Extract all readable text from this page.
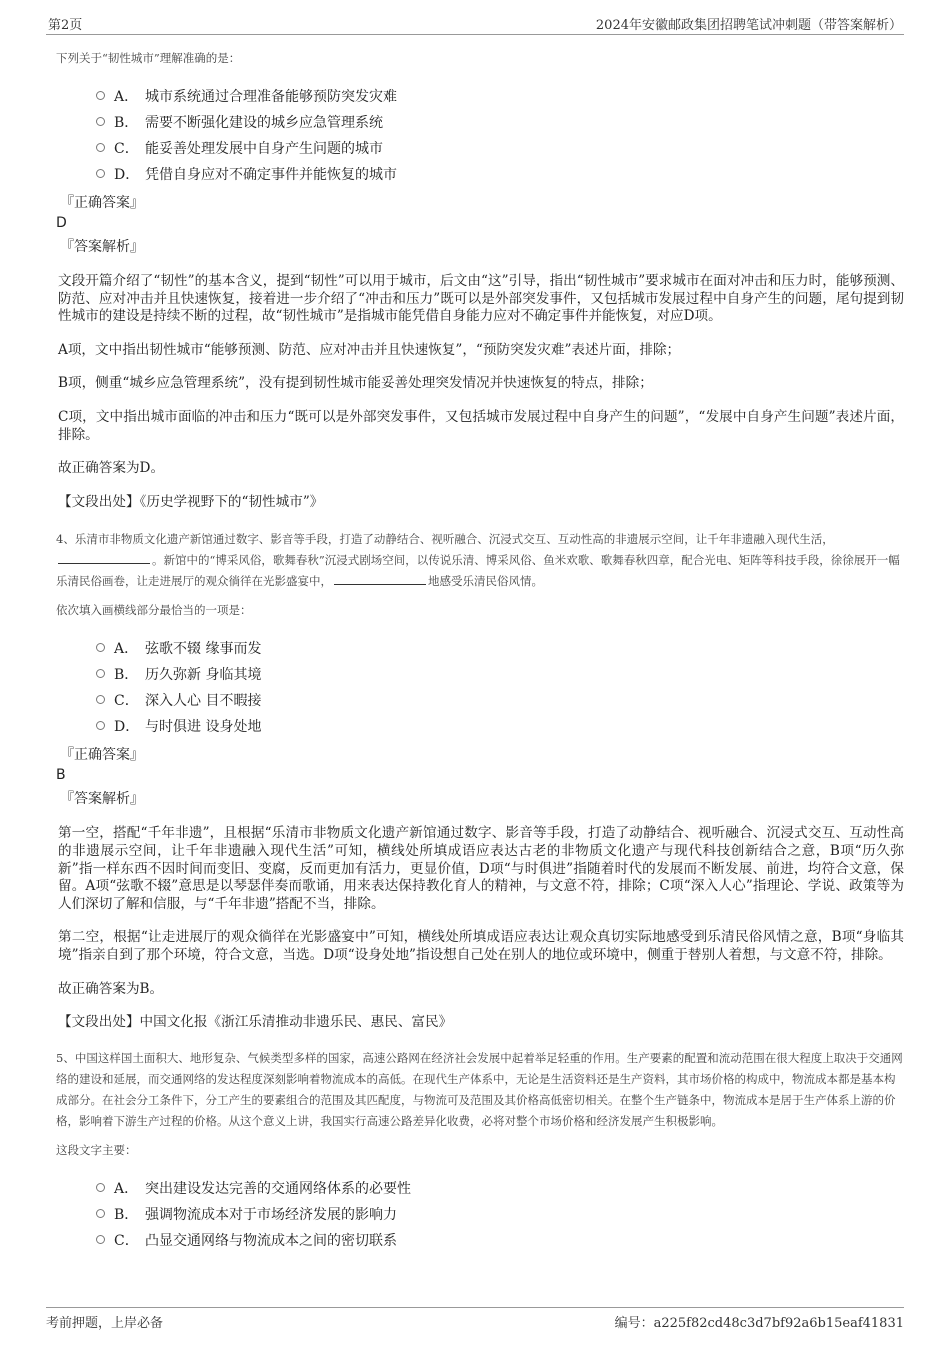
第2页	2024年安徽邮政集团招聘笔试冲刺题（带答案解析）
下列关于“韧性城市”理解准确的是：
A． 城市系统通过合理准备能够预防突发灾难
B． 需要不断强化建设的城乡应急管理系统
C． 能妥善处理发展中自身产生问题的城市
D． 凭借自身应对不确定事件并能恢复的城市
『正确答案』
D
『答案解析』
文段开篇介绍了“韧性”的基本含义，提到“韧性”可以用于城市，后文由“这”引导，指出“韧性城市”要求城市在面对冲击和压力时，能够预测、防范、应对冲击并且快速恢复，接着进一步介绍了“冲击和压力”既可以是外部突发事件，又包括城市发展过程中自身产生的问题，尾句提到韧性城市的建设是持续不断的过程，故“韧性城市”是指城市能凭借自身能力应对不确定事件并能恢复，对应D项。
A项，文中指出韧性城市“能够预测、防范、应对冲击并且快速恢复”，“预防突发灾难”表述片面，排除；
B项，侧重“城乡应急管理系统”，没有提到韧性城市能妥善处理突发情况并快速恢复的特点，排除；
C项，文中指出城市面临的冲击和压力“既可以是外部突发事件，又包括城市发展过程中自身产生的问题”，“发展中自身产生问题”表述片面，排除。
故正确答案为D。
【文段出处】《历史学视野下的“韧性城市”》
4、乐清市非物质文化遗产新馆通过数字、影音等手段，打造了动静结合、视听融合、沉浸式交互、互动性高的非遗展示空间，让千年非遗融入现代生活，。新馆中的“博采风俗，歌舞春秋”沉浸式剧场空间，以传说乐清、博采风俗、鱼米欢歌、歌舞春秋四章，配合光电、矩阵等科技手段，徐徐展开一幅乐清民俗画卷，让走进展厅的观众徜徉在光影盛宴中，	地感受乐清民俗风情。
依次填入画横线部分最恰当的一项是：
A． 弦歌不辍 缘事而发
B． 历久弥新 身临其境
C． 深入人心 目不暇接
D． 与时俱进 设身处地
『正确答案』
B
『答案解析』
第一空，搭配“千年非遗”，且根据“乐清市非物质文化遗产新馆通过数字、影音等手段，打造了动静结合、视听融合、沉浸式交互、互动性高的非遗展示空间，让千年非遗融入现代生活”可知，横线处所填成语应表达古老的非物质文化遗产与现代科技创新结合之意，B项“历久弥新”指一样东西不因时间而变旧、变腐，反而更加有活力，更显价值，D项“与时俱进”指随着时代的发展而不断发展、前进，均符合文意，保留。A项“弦歌不辍”意思是以琴瑟伴奏而歌诵，用来表达保持教化育人的精神，与文意不符，排除；C项“深入人心”指理论、学说、政策等为人们深切了解和信服，与“千年非遗”搭配不当，排除。
第二空，根据“让走进展厅的观众徜徉在光影盛宴中”可知，横线处所填成语应表达让观众真切实际地感受到乐清民俗风情之意，B项“身临其境”指亲自到了那个环境，符合文意，当选。D项“设身处地”指设想自己处在别人的地位或环境中，侧重于替别人着想，与文意不符，排除。
故正确答案为B。
【文段出处】中国文化报《浙江乐清推动非遗乐民、惠民、富民》
5、中国这样国土面积大、地形复杂、气候类型多样的国家，高速公路网在经济社会发展中起着举足轻重的作用。生产要素的配置和流动范围在很大程度上取决于交通网络的建设和延展，而交通网络的发达程度深刻影响着物流成本的高低。在现代生产体系中，无论是生活资料还是生产资料，其市场价格的构成中，物流成本都是基本构成部分。在社会分工条件下，分工产生的要素组合的范围及其匹配度，与物流可及范围及其价格高低密切相关。在整个生产链条中，物流成本是居于生产体系上游的价格，影响着下游生产过程的价格。从这个意义上讲，我国实行高速公路差异化收费，必将对整个市场价格和经济发展产生积极影响。
这段文字主要：
A． 突出建设发达完善的交通网络体系的必要性
B． 强调物流成本对于市场经济发展的影响力
C． 凸显交通网络与物流成本之间的密切联系
考前押题，上岸必备	编号：a225f82cd48c3d7bf92a6b15eaf41831
